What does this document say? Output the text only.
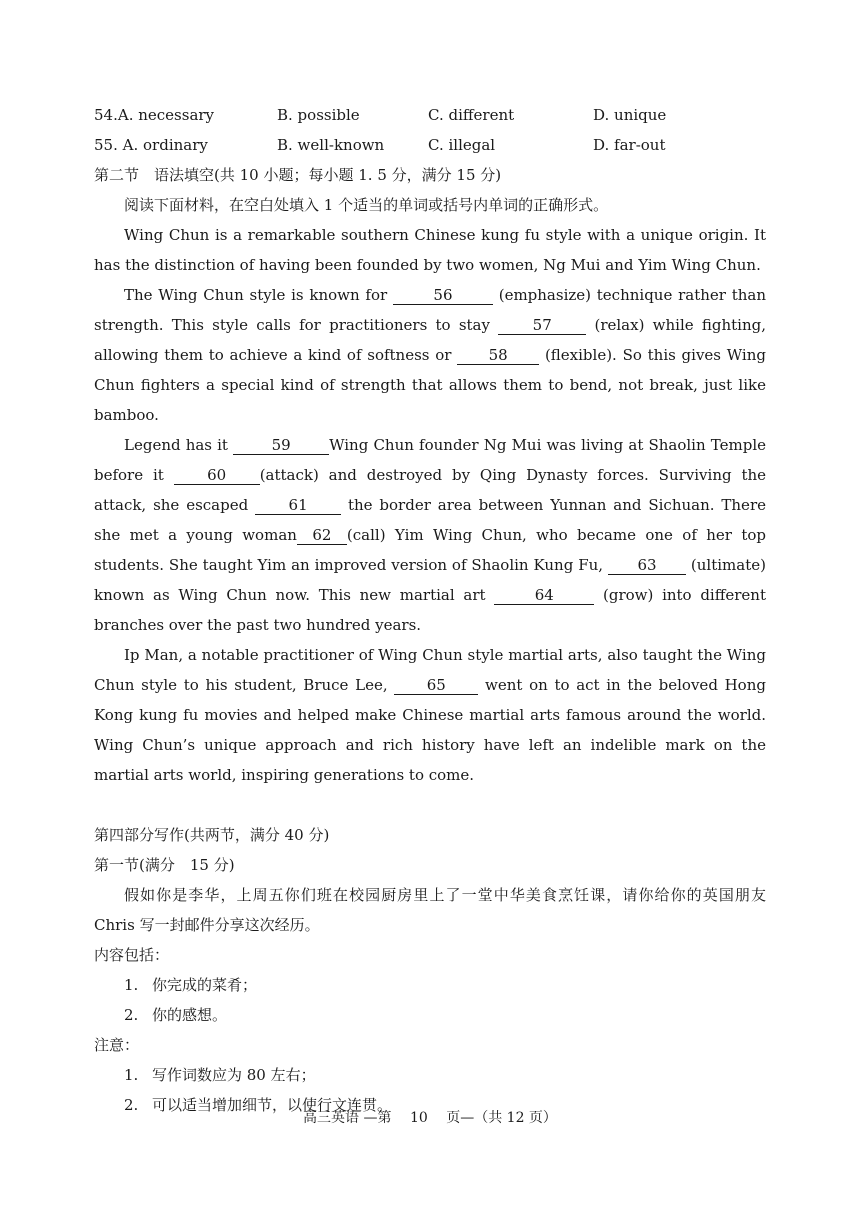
54.A. necessary	B. possible	C. different	D. unique
55. A. ordinary	B. well-known	C. illegal	D. far-out
第二节　语法填空(共 10 小题；每小题 1. 5 分，满分 15 分)
阅读下面材料，在空白处填入 1 个适当的单词或括号内单词的正确形式。

Wing Chun is a remarkable southern Chinese kung fu style with a unique origin. It has the distinction of having been founded by two women, Ng Mui and Yim Wing Chun.

The Wing Chun style is known for	56	(emphasize) technique rather than strength. This style calls for practitioners to stay	57	(relax) while fighting, allowing them to achieve a kind of softness or 58 (flexible). So this gives Wing Chun fighters a special kind of strength that allows them to bend, not break, just like bamboo.

Legend has it	59	Wing Chun founder Ng Mui was living at Shaolin Temple before it	60 (attack) and destroyed by Qing Dynasty forces. Surviving the attack, she escaped	61	the border area between Yunnan and Sichuan. There she met a young woman 62 (call) Yim Wing Chun, who became one of her top students. She taught Yim an improved version of Shaolin Kung Fu, 63 (ultimate) known as Wing Chun now. This new martial art	64	(grow) into different branches over the past two hundred years.

Ip Man, a notable practitioner of Wing Chun style martial arts, also taught the Wing Chun style to his student, Bruce Lee,	65	went on to act in the beloved Hong Kong kung fu movies and helped make Chinese martial arts famous around the world. Wing Chun’s unique approach and rich history have left an indelible mark on the martial arts world, inspiring generations to come.

第四部分写作(共两节，满分 40 分)
第一节(满分　15 分)

假如你是李华，上周五你们班在校园厨房里上了一堂中华美食烹饪课，请你给你的英国朋友 Chris 写一封邮件分享这次经历。

内容包括：
1. 你完成的菜肴；
2. 你的感想。
注意：
1. 写作词数应为 80 左右；
2. 可以适当增加细节，以使行文连贯。
高三英语 —第　 10　 页—（共 12 页）
